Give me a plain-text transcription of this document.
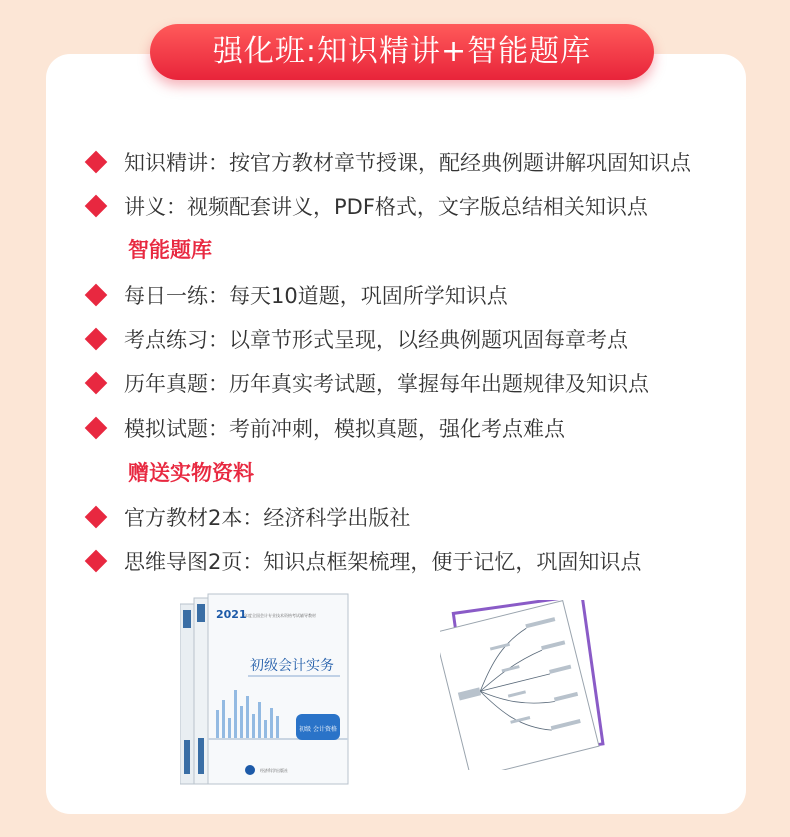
强化班:知识精讲+智能题库
知识精讲：按官方教材章节授课，配经典例题讲解巩固知识点
讲义：视频配套讲义，PDF格式，文字版总结相关知识点
智能题库
每日一练：每天10道题，巩固所学知识点
考点练习：以章节形式呈现，以经典例题巩固每章考点
历年真题：历年真实考试题，掌握每年出题规律及知识点
模拟试题：考前冲刺，模拟真题，强化考点难点
赠送实物资料
官方教材2本：经济科学出版社
思维导图2页：知识点框架梳理，便于记忆，巩固知识点
2021
年度全国会计专业技术资格考试辅导教材
初级会计实务
初级 会计资格
经济科学出版社
